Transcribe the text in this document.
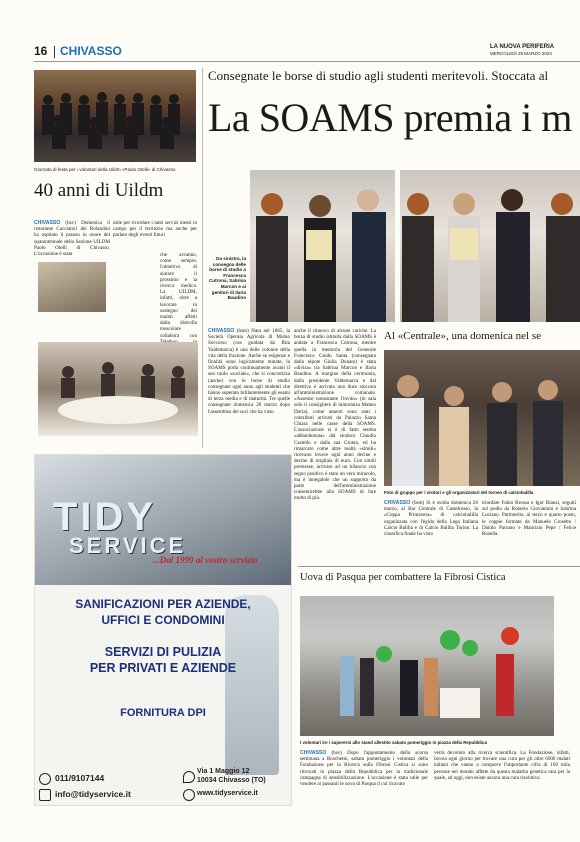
16 CHIVASSO	LA NUOVA PERIFERIA
MERCOLEDÌ 29 MARZO 2023
Giornata di festa per i volontari della Uildm «Paolo Otelli» di Chivasso
40 anni di Uildm
CHIVASSO (bsv) Domenica il ristorante Cacciatori dei Rolandini ha ospitato il pranzo in onore del quarantennale della Sezione UILDM Paolo Otelli di Chivasso. L'occasione è stata
utile per ricordare i tanti servizi messi in campo per il territorio ma anche per parlare degli eventi futuri
che avranno, come sempre, l'obiettivo di aiutare il prossimo e la ricerca medica. La UILDM, infatti, oltre a lavorare in sostegno dei malati affetti dalla distrofia muscolare collabora con
Consegnate le borse di studio agli studenti meritevoli. Stoccata al
La SOAMS premia i m
Da sinistra, la consegna delle borse di studio a Francesca Cutrona, Sabrina Marcon e ai genitori di Ilaria Baudino
CHIVASSO (bsm) Nata nel 1865, la Società Operaia Agricola di Mutuo Soccorso (ora guidata da Rita Valdemarca) è una delle colonne della vita della frazione. Anche se esigenze e finalità sono logicamente mutate, la SOAMS porta continuamente avanti il suo ruolo «sociale», che si concretizza (anche) con le borse di studio consegnate ogni anno agli studenti che hanno superato brillantemente gli esami di terza media e di maturità. Tre quelle consegnate domenica 26 marzo dopo l'assemblea dei soci che ha visto
anche il rinnovo di alcune cariche. La borsa di studio istituita dalla SOAMS è andata a Francesca Cutrona, mentre quella in memoria del Generale Francesco Guido Santa (consegnata dalla nipote Giulia Donato) è stata «divisa» tra Sabrina Marcon e Ilaria Baudino. A margine della cerimonia, dalla presidente Valdemarca e dal direttivo è arrivata una dura stoccata all'amministrazione comunale. «Assenze nonostante l'invito» (in sala solo il consigliere di minoranza Matteo Doria), come assenti sono stati i contributi arrivati da Palazzo Santa Chiara nelle casse della SOAMS. L'associazione si è di fatto sentita «abbandonata» dal sindaco Claudio Castello e dalla sua Giunta, ed ha rimarcato come altre realtà «simili» ricevano invece ogni anno decine e decine di migliaia di euro. Con simili premesse, arrivare ad un bilancio con segno positivo è stato un vero miracolo, ma è innegabile che un supporto da parte dell'amministrazione consentirebbe alla SOAMS di fare molto di più.
Al «Centrale», una domenica nel se
Foto di gruppo per i visitori e gli organizzatori del torneo di calciobalilla
CHIVASSO (bsm) Si è svolta domenica 26 marzo, al Bar Centrale di Castelrosso, la «Coppa Primavera» di calciobalilla organizzata con l'egida della Lega Italiana Calcio Balilla e di Calcio Balilla Torino. La classifica finale ha visto
trionfare Fabio Brossa e Igor Bianzi, seguiti sul podio da Roberto Giovannini e Sabrina Luciano. Parimerito, al terzo e quarto posto, le coppie formate da Manuele Crosetto / Danilo Patruno e Maurizio Pepe / Felice Rosella.
Uova di Pasqua per combattere la Fibrosi Cistica
I volontari ire i supereroi allo stand allestito sabato pomeriggio in piazza della Repubblica
CHIVASSO (bsv) Dopo l'appuntamento della scorsa settimana a Boschetto, sabato pomeriggio i volontari della Fondazione per la Ricerca sulla Fibrosi Cistica si sono ritrovati in piazza della Repubblica per la tradizionale campagna di sensibilizzazione. L'occasione è stata utile per vendere ai passanti le uova di Pasqua il cui ricavato
verrà devoluto alla ricerca scientifica. La Fondazione, infatti, lavora ogni giorno per trovare una cura per gli oltre 6000 malati italiani che vanno a comporre l'importante cifra di 160 mila persone nel mondo affette da questa malattia genetica rara per la quale, ad oggi, non esiste ancora una cura risolutiva.
TIDY
SERVICE
...Dal 1999 al vostro servizio
SANIFICAZIONI PER AZIENDE,
UFFICI E CONDOMINI
SERVIZI DI PULIZIA
PER PRIVATI E AZIENDE
FORNITURA DPI
011/9107144
info@tidyservice.it
Via 1 Maggio 12
10034 Chivasso (TO)
www.tidyservice.it
